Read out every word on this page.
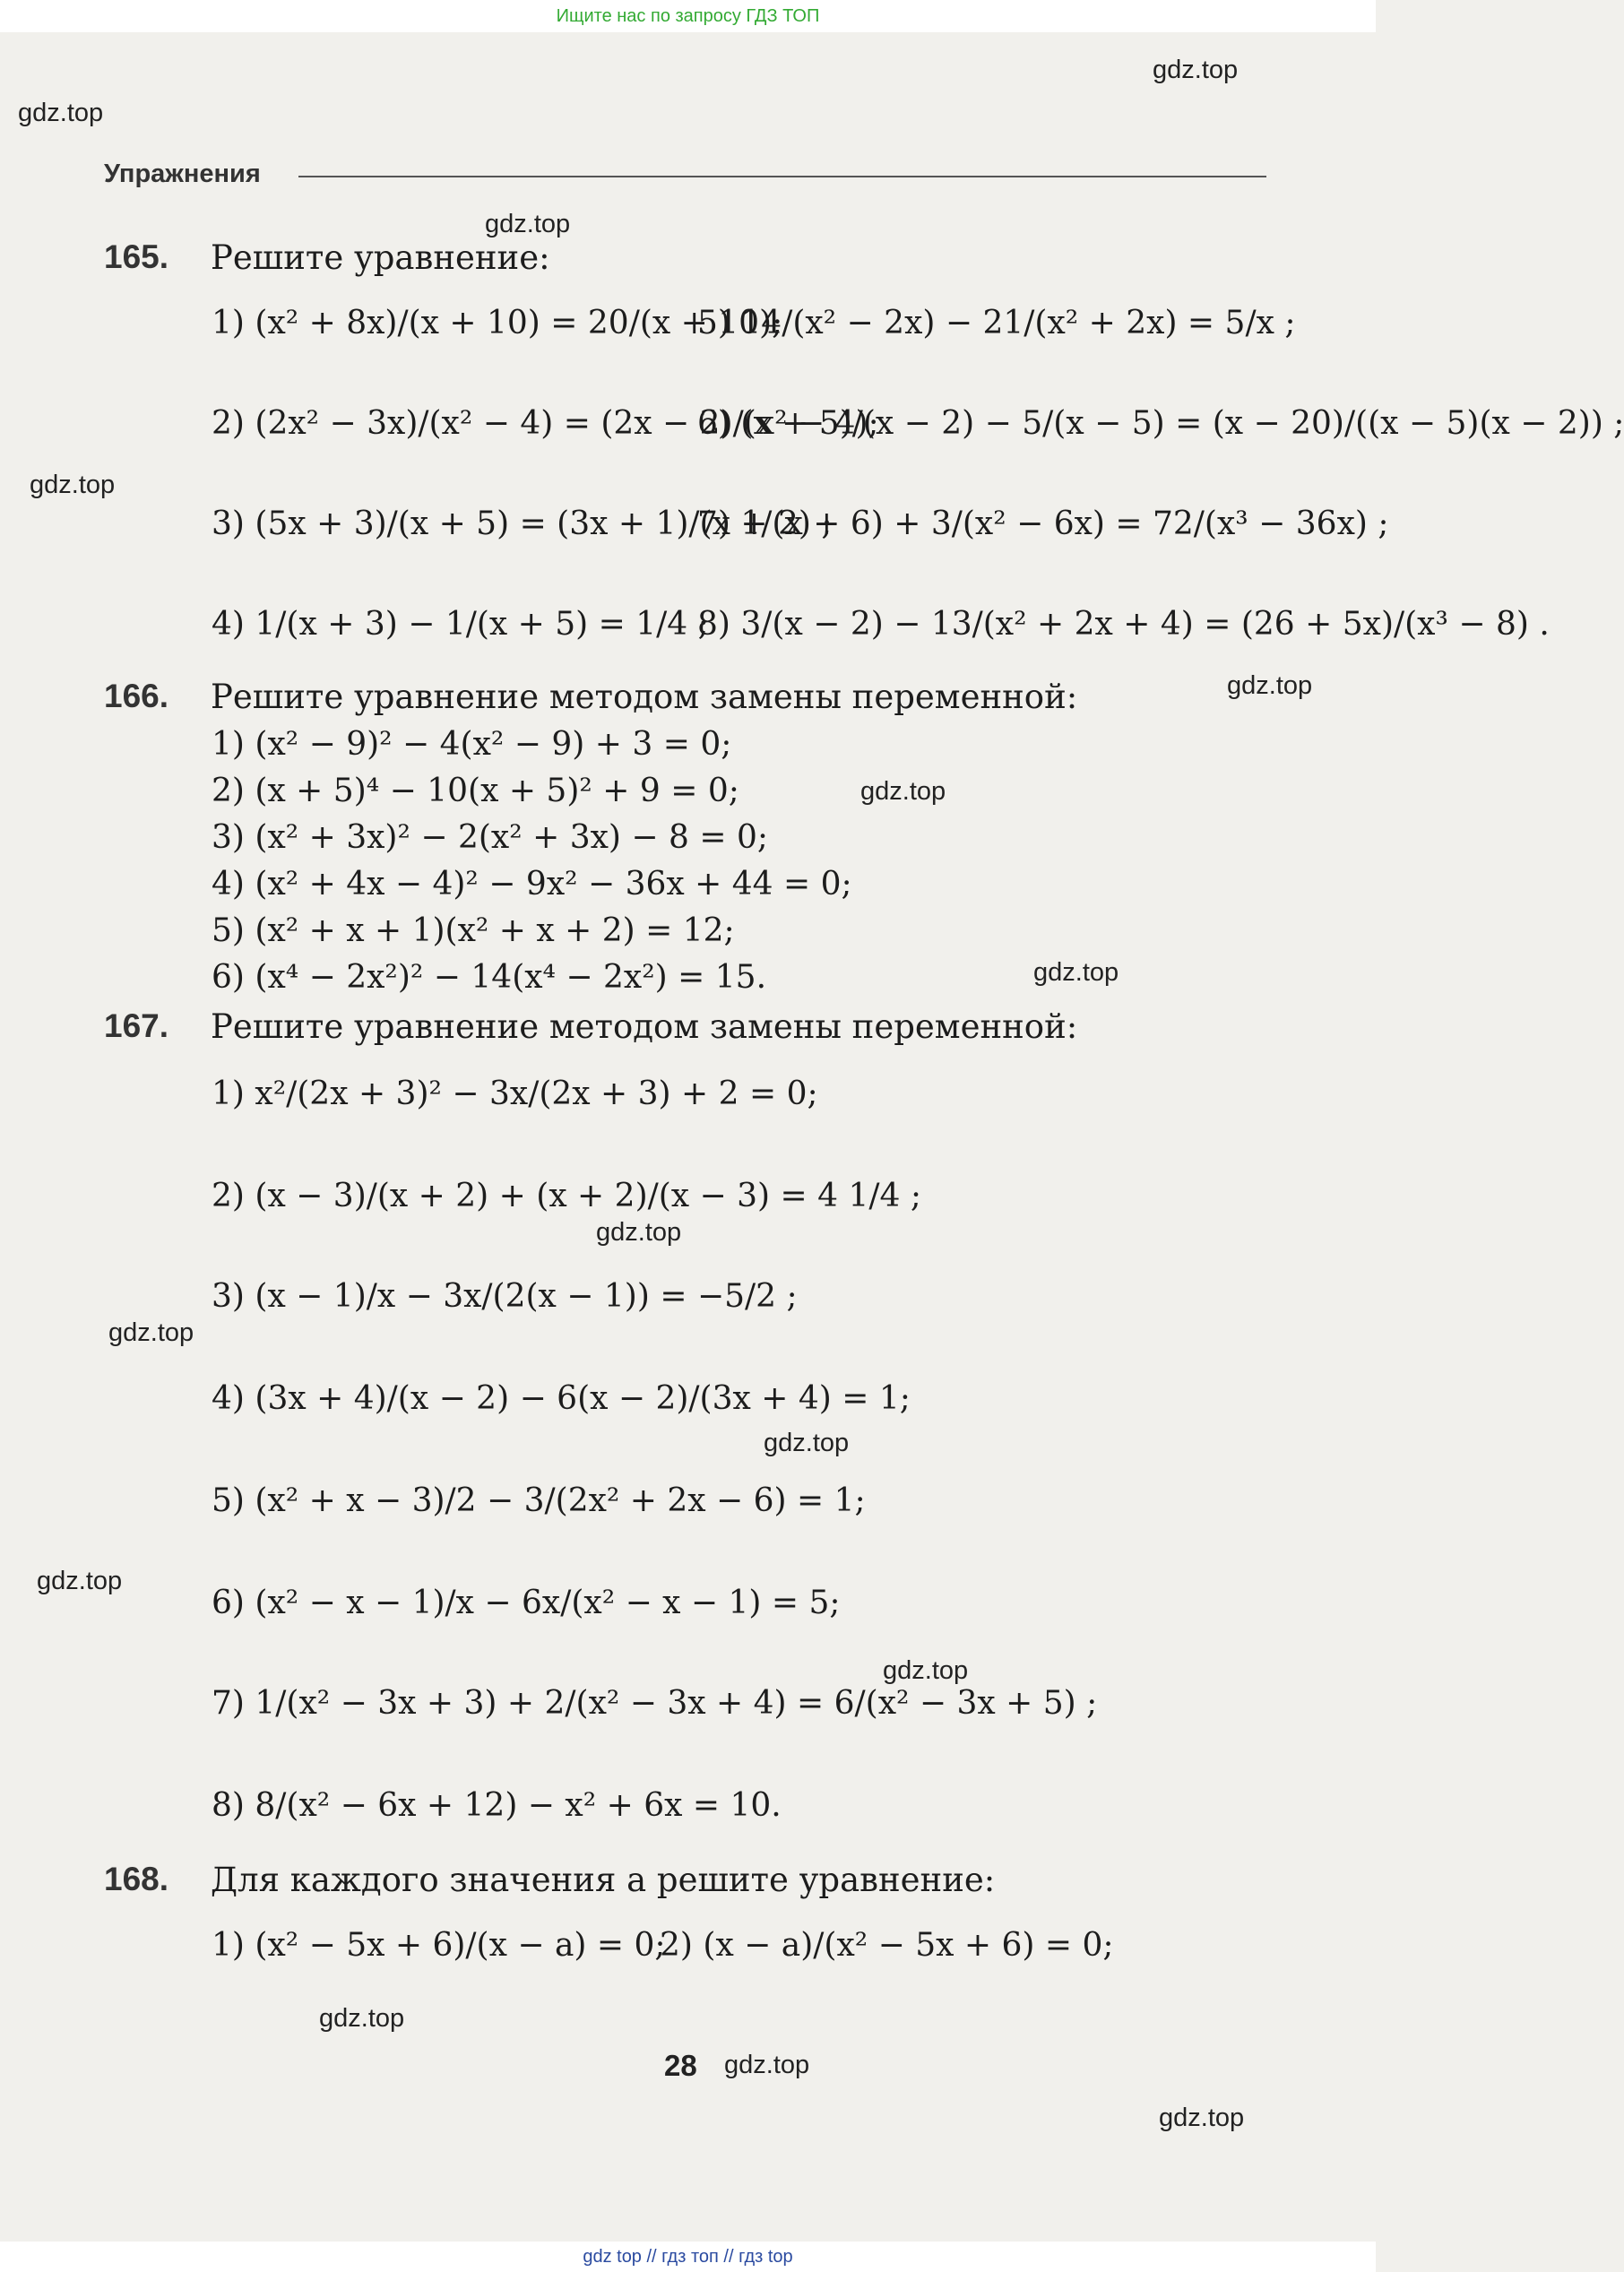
Ищите нас по запросу ГДЗ ТОП
gdz.top
gdz.top
gdz.top
gdz.top
gdz.top
gdz.top
gdz.top
gdz.top
gdz.top
gdz.top
gdz.top
gdz.top
gdz.top
gdz.top
gdz.top
Упражнения
165. Решите уравнение:
1) (x² + 8x)/(x + 10) = 20/(x + 10);
5) 14/(x² − 2x) − 21/(x² + 2x) = 5/x ;
2) (2x² − 3x)/(x² − 4) = (2x − 2)/(x² − 4);
6) (x + 5)/(x − 2) − 5/(x − 5) = (x − 20)/((x − 5)(x − 2)) ;
3) (5x + 3)/(x + 5) = (3x + 1)/(x + 2) ;
7) 1/(x + 6) + 3/(x² − 6x) = 72/(x³ − 36x) ;
4) 1/(x + 3) − 1/(x + 5) = 1/4 ;
8) 3/(x − 2) − 13/(x² + 2x + 4) = (26 + 5x)/(x³ − 8) .
166. Решите уравнение методом замены переменной:
1) (x² − 9)² − 4(x² − 9) + 3 = 0;
2) (x + 5)⁴ − 10(x + 5)² + 9 = 0;
3) (x² + 3x)² − 2(x² + 3x) − 8 = 0;
4) (x² + 4x − 4)² − 9x² − 36x + 44 = 0;
5) (x² + x + 1)(x² + x + 2) = 12;
6) (x⁴ − 2x²)² − 14(x⁴ − 2x²) = 15.
167. Решите уравнение методом замены переменной:
1) x²/(2x + 3)² − 3x/(2x + 3) + 2 = 0;
2) (x − 3)/(x + 2) + (x + 2)/(x − 3) = 4 1/4 ;
3) (x − 1)/x − 3x/(2(x − 1)) = −5/2 ;
4) (3x + 4)/(x − 2) − 6(x − 2)/(3x + 4) = 1;
5) (x² + x − 3)/2 − 3/(2x² + 2x − 6) = 1;
6) (x² − x − 1)/x − 6x/(x² − x − 1) = 5;
7) 1/(x² − 3x + 3) + 2/(x² − 3x + 4) = 6/(x² − 3x + 5) ;
8) 8/(x² − 6x + 12) − x² + 6x = 10.
168. Для каждого значения a решите уравнение:
1) (x² − 5x + 6)/(x − a) = 0;
2) (x − a)/(x² − 5x + 6) = 0;
28
gdz top // гдз топ // гдз top
